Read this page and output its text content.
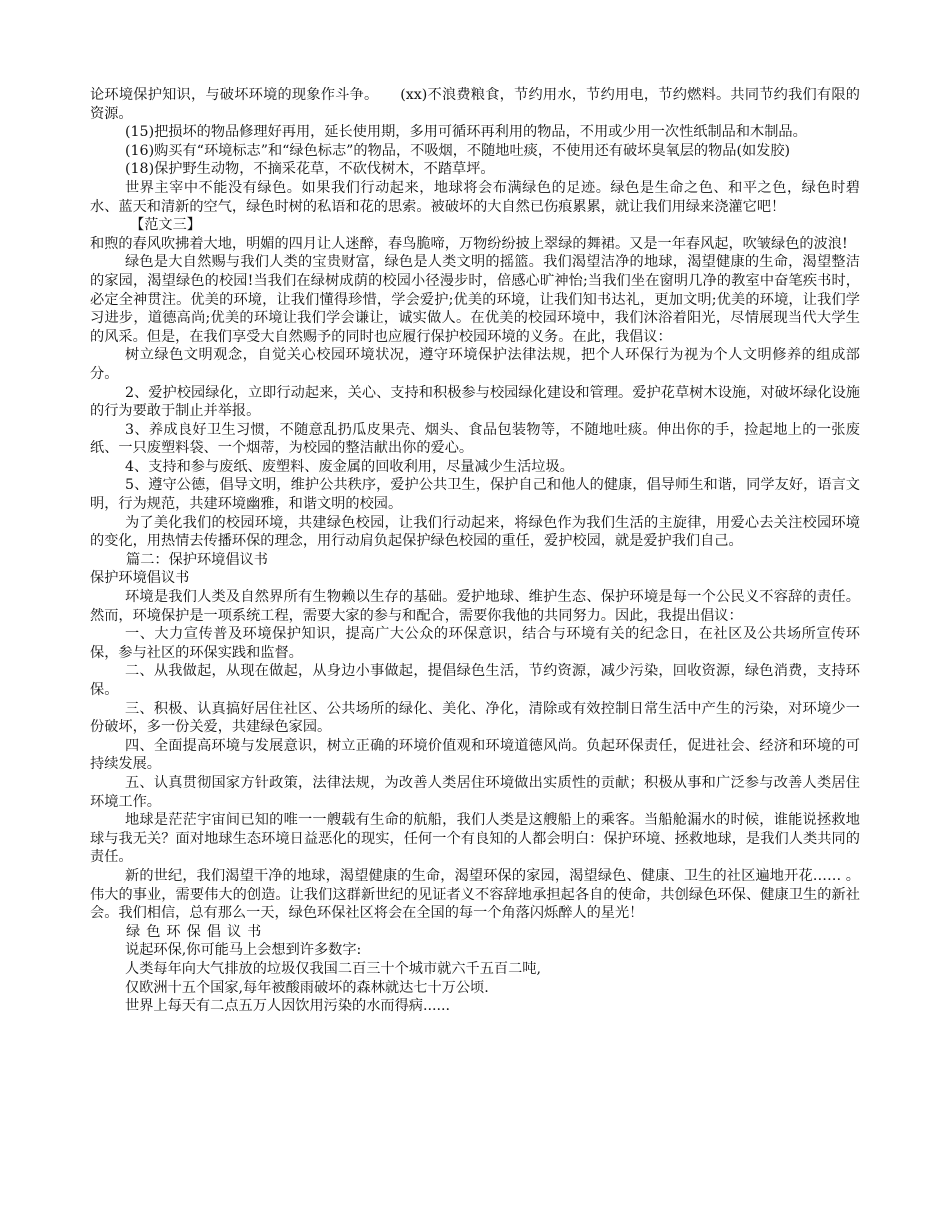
论环境保护知识，与破坏环境的现象作斗争。　　(xx)不浪费粮食，节约用水，节约用电，节约燃料。共同节约我们有限的资源。

(15)把损坏的物品修理好再用，延长使用期，多用可循环再利用的物品，不用或少用一次性纸制品和木制品。

(16)购买有“环境标志”和“绿色标志”的物品，不吸烟，不随地吐痰，不使用还有破坏臭氧层的物品(如发胶)

(18)保护野生动物，不摘采花草，不砍伐树木，不踏草坪。

世界主宰中不能没有绿色。如果我们行动起来，地球将会布满绿色的足迹。绿色是生命之色、和平之色，绿色时碧水、蓝天和清新的空气，绿色时树的私语和花的思索。被破坏的大自然已伤痕累累，就让我们用绿来浇灌它吧！

【范文三】

和煦的春风吹拂着大地，明媚的四月让人迷醉，春鸟脆啼，万物纷纷披上翠绿的舞裙。又是一年春风起，吹皱绿色的波浪!

绿色是大自然赐与我们人类的宝贵财富，绿色是人类文明的摇篮。我们渴望洁净的地球，渴望健康的生命，渴望整洁的家园，渴望绿色的校园!当我们在绿树成荫的校园小径漫步时，倍感心旷神怡;当我们坐在窗明几净的教室中奋笔疾书时，必定全神贯注。优美的环境，让我们懂得珍惜，学会爱护;优美的环境，让我们知书达礼，更加文明;优美的环境，让我们学习进步，道德高尚;优美的环境让我们学会谦让，诚实做人。在优美的校园环境中，我们沐浴着阳光，尽情展现当代大学生的风采。但是，在我们享受大自然赐予的同时也应履行保护校园环境的义务。在此，我倡议：

树立绿色文明观念，自觉关心校园环境状况，遵守环境保护法律法规，把个人环保行为视为个人文明修养的组成部分。

2、爱护校园绿化，立即行动起来，关心、支持和积极参与校园绿化建设和管理。爱护花草树木设施，对破坏绿化设施的行为要敢于制止并举报。

3、养成良好卫生习惯，不随意乱扔瓜皮果壳、烟头、食品包装物等，不随地吐痰。伸出你的手，捡起地上的一张废纸、一只废塑料袋、一个烟蒂，为校园的整洁献出你的爱心。

4、支持和参与废纸、废塑料、废金属的回收利用，尽量减少生活垃圾。

5、遵守公德，倡导文明，维护公共秩序，爱护公共卫生，保护自己和他人的健康，倡导师生和谐，同学友好，语言文明，行为规范，共建环境幽雅，和谐文明的校园。

为了美化我们的校园环境，共建绿色校园，让我们行动起来，将绿色作为我们生活的主旋律，用爱心去关注校园环境的变化，用热情去传播环保的理念，用行动肩负起保护绿色校园的重任，爱护校园，就是爱护我们自己。

篇二：保护环境倡议书

保护环境倡议书

环境是我们人类及自然界所有生物赖以生存的基础。爱护地球、维护生态、保护环境是每一个公民义不容辞的责任。然而，环境保护是一项系统工程，需要大家的参与和配合，需要你我他的共同努力。因此，我提出倡议：

一、大力宣传普及环境保护知识，提高广大公众的环保意识，结合与环境有关的纪念日，在社区及公共场所宣传环保，参与社区的环保实践和监督。

二、从我做起，从现在做起，从身边小事做起，提倡绿色生活，节约资源，减少污染，回收资源，绿色消费，支持环保。

三、积极、认真搞好居住社区、公共场所的绿化、美化、净化，清除或有效控制日常生活中产生的污染，对环境少一份破坏，多一份关爱，共建绿色家园。

四、全面提高环境与发展意识，树立正确的环境价值观和环境道德风尚。负起环保责任，促进社会、经济和环境的可持续发展。

五、认真贯彻国家方针政策，法律法规，为改善人类居住环境做出实质性的贡献；积极从事和广泛参与改善人类居住环境工作。

地球是茫茫宇宙间已知的唯一一艘载有生命的航船，我们人类是这艘船上的乘客。当船舱漏水的时候，谁能说拯救地球与我无关？面对地球生态环境日益恶化的现实，任何一个有良知的人都会明白：保护环境、拯救地球，是我们人类共同的责任。

新的世纪，我们渴望干净的地球，渴望健康的生命，渴望环保的家园，渴望绿色、健康、卫生的社区遍地开花…… 。伟大的事业，需要伟大的创造。让我们这群新世纪的见证者义不容辞地承担起各自的使命，共创绿色环保、健康卫生的新社会。我们相信，总有那么一天，绿色环保社区将会在全国的每一个角落闪烁醉人的星光！

绿色环保倡议书

说起环保,你可能马上会想到许多数字:

人类每年向大气排放的垃圾仅我国二百三十个城市就六千五百二吨,

仅欧洲十五个国家,每年被酸雨破坏的森林就达七十万公顷.

世界上每天有二点五万人因饮用污染的水而得病......
